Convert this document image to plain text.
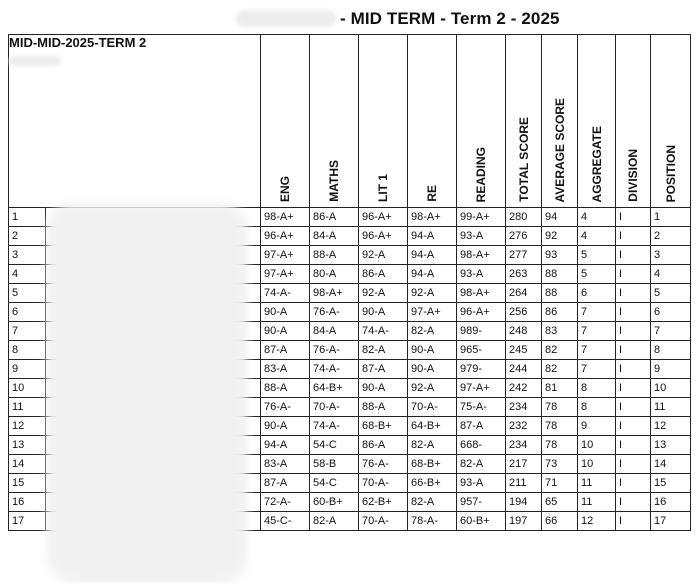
- MID TERM - Term 2 - 2025
MID-MID-2025-TERM 2		ENG	MATHS	LIT 1	RE	READING	TOTAL SCORE	AVERAGE SCORE	AGGREGATE	DIVISION	POSITION
1		98-A+	86-A	96-A+	98-A+	99-A+	280	94	4	I	1
2		96-A+	84-A	96-A+	94-A	93-A	276	92	4	I	2
3		97-A+	88-A	92-A	94-A	98-A+	277	93	5	I	3
4		97-A+	80-A	86-A	94-A	93-A	263	88	5	I	4
5		74-A-	98-A+	92-A	92-A	98-A+	264	88	6	I	5
6		90-A	76-A-	90-A	97-A+	96-A+	256	86	7	I	6
7		90-A	84-A	74-A-	82-A	989-	248	83	7	I	7
8		87-A	76-A-	82-A	90-A	965-	245	82	7	I	8
9		83-A	74-A-	87-A	90-A	979-	244	82	7	I	9
10		88-A	64-B+	90-A	92-A	97-A+	242	81	8	I	10
11		76-A-	70-A-	88-A	70-A-	75-A-	234	78	8	I	11
12		90-A	74-A-	68-B+	64-B+	87-A	232	78	9	I	12
13		94-A	54-C	86-A	82-A	668-	234	78	10	I	13
14		83-A	58-B	76-A-	68-B+	82-A	217	73	10	I	14
15		87-A	54-C	70-A-	66-B+	93-A	211	71	11	I	15
16		72-A-	60-B+	62-B+	82-A	957-	194	65	11	I	16
17		45-C-	82-A	70-A-	78-A-	60-B+	197	66	12	I	17
